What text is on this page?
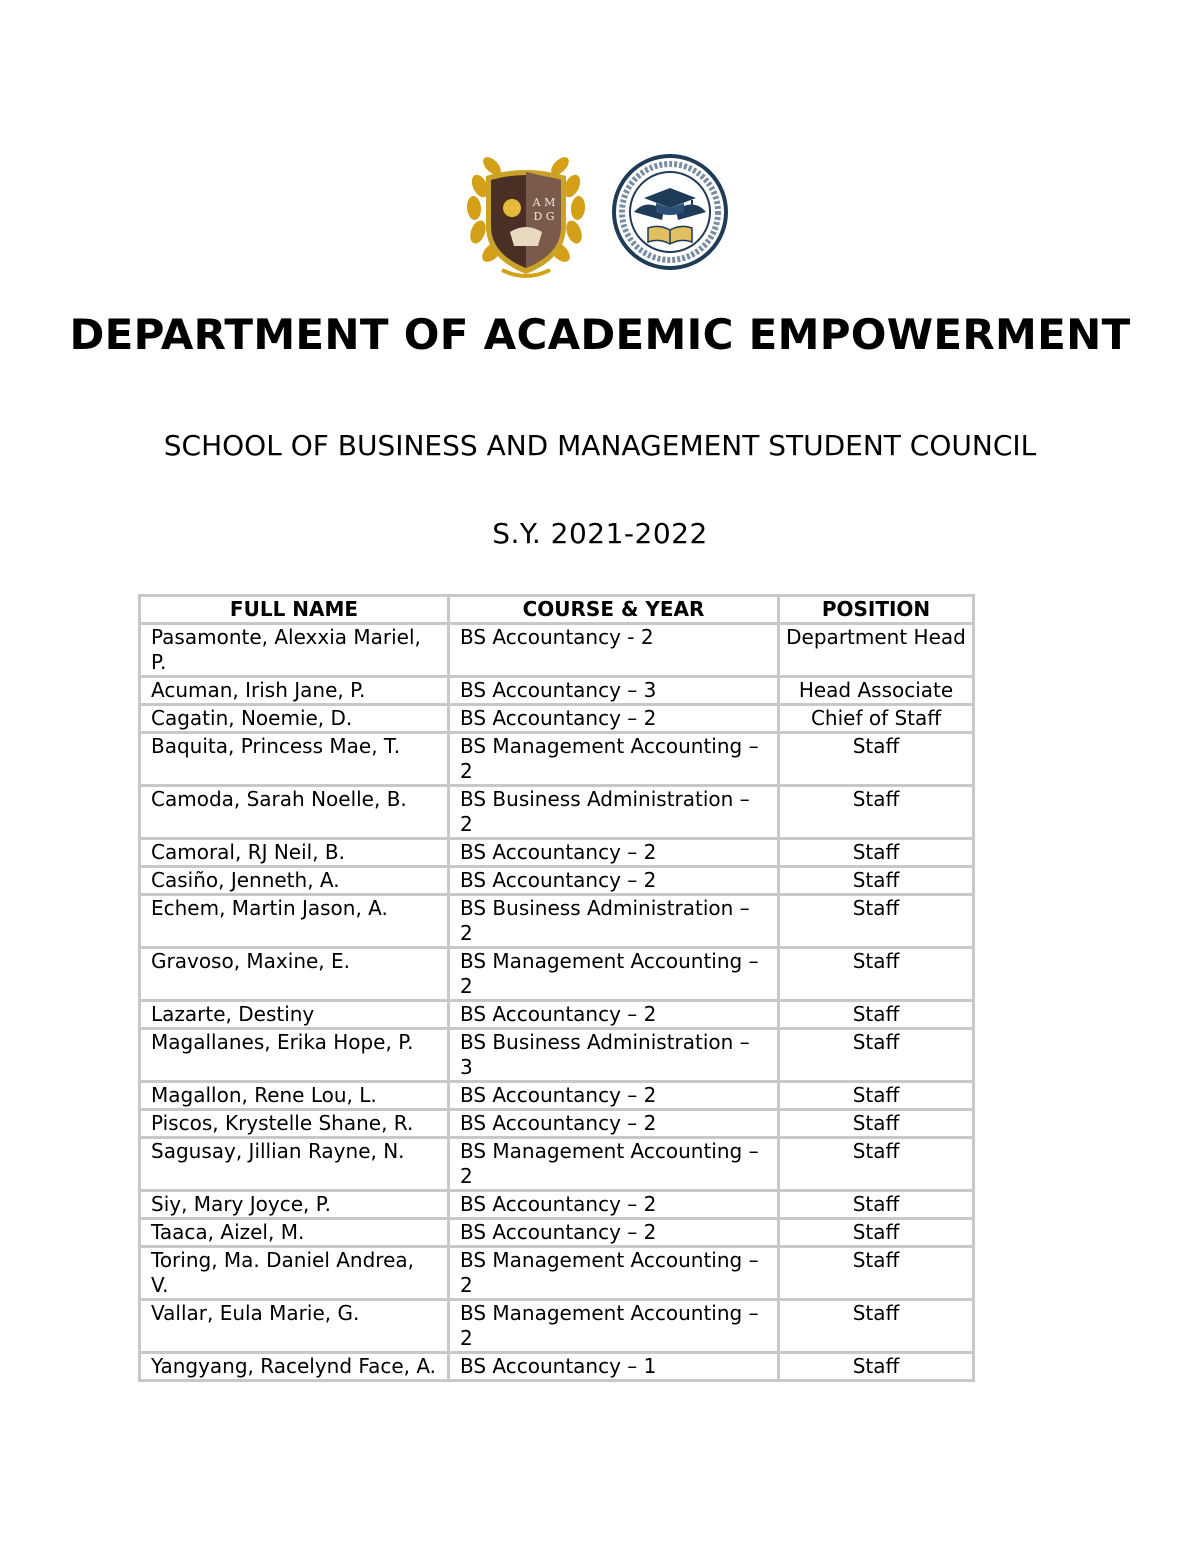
A M
D G
DEPARTMENT OF ACADEMIC EMPOWERMENT
SCHOOL OF BUSINESS AND MANAGEMENT STUDENT COUNCIL
S.Y. 2021-2022
FULL NAME	COURSE & YEAR	POSITION
Pasamonte, Alexxia Mariel, P.	BS Accountancy - 2	Department Head
Acuman, Irish Jane, P.	BS Accountancy – 3	Head Associate
Cagatin, Noemie, D.	BS Accountancy – 2	Chief of Staff
Baquita, Princess Mae, T.	BS Management Accounting – 2	Staff
Camoda, Sarah Noelle, B.	BS Business Administration – 2	Staff
Camoral, RJ Neil, B.	BS Accountancy – 2	Staff
Casiño, Jenneth, A.	BS Accountancy – 2	Staff
Echem, Martin Jason, A.	BS Business Administration – 2	Staff
Gravoso, Maxine, E.	BS Management Accounting – 2	Staff
Lazarte, Destiny	BS Accountancy – 2	Staff
Magallanes, Erika Hope, P.	BS Business Administration – 3	Staff
Magallon, Rene Lou, L.	BS Accountancy – 2	Staff
Piscos, Krystelle Shane, R.	BS Accountancy – 2	Staff
Sagusay, Jillian Rayne, N.	BS Management Accounting – 2	Staff
Siy, Mary Joyce, P.	BS Accountancy – 2	Staff
Taaca, Aizel, M.	BS Accountancy – 2	Staff
Toring, Ma. Daniel Andrea, V.	BS Management Accounting – 2	Staff
Vallar, Eula Marie, G.	BS Management Accounting – 2	Staff
Yangyang, Racelynd Face, A.	BS Accountancy – 1	Staff
